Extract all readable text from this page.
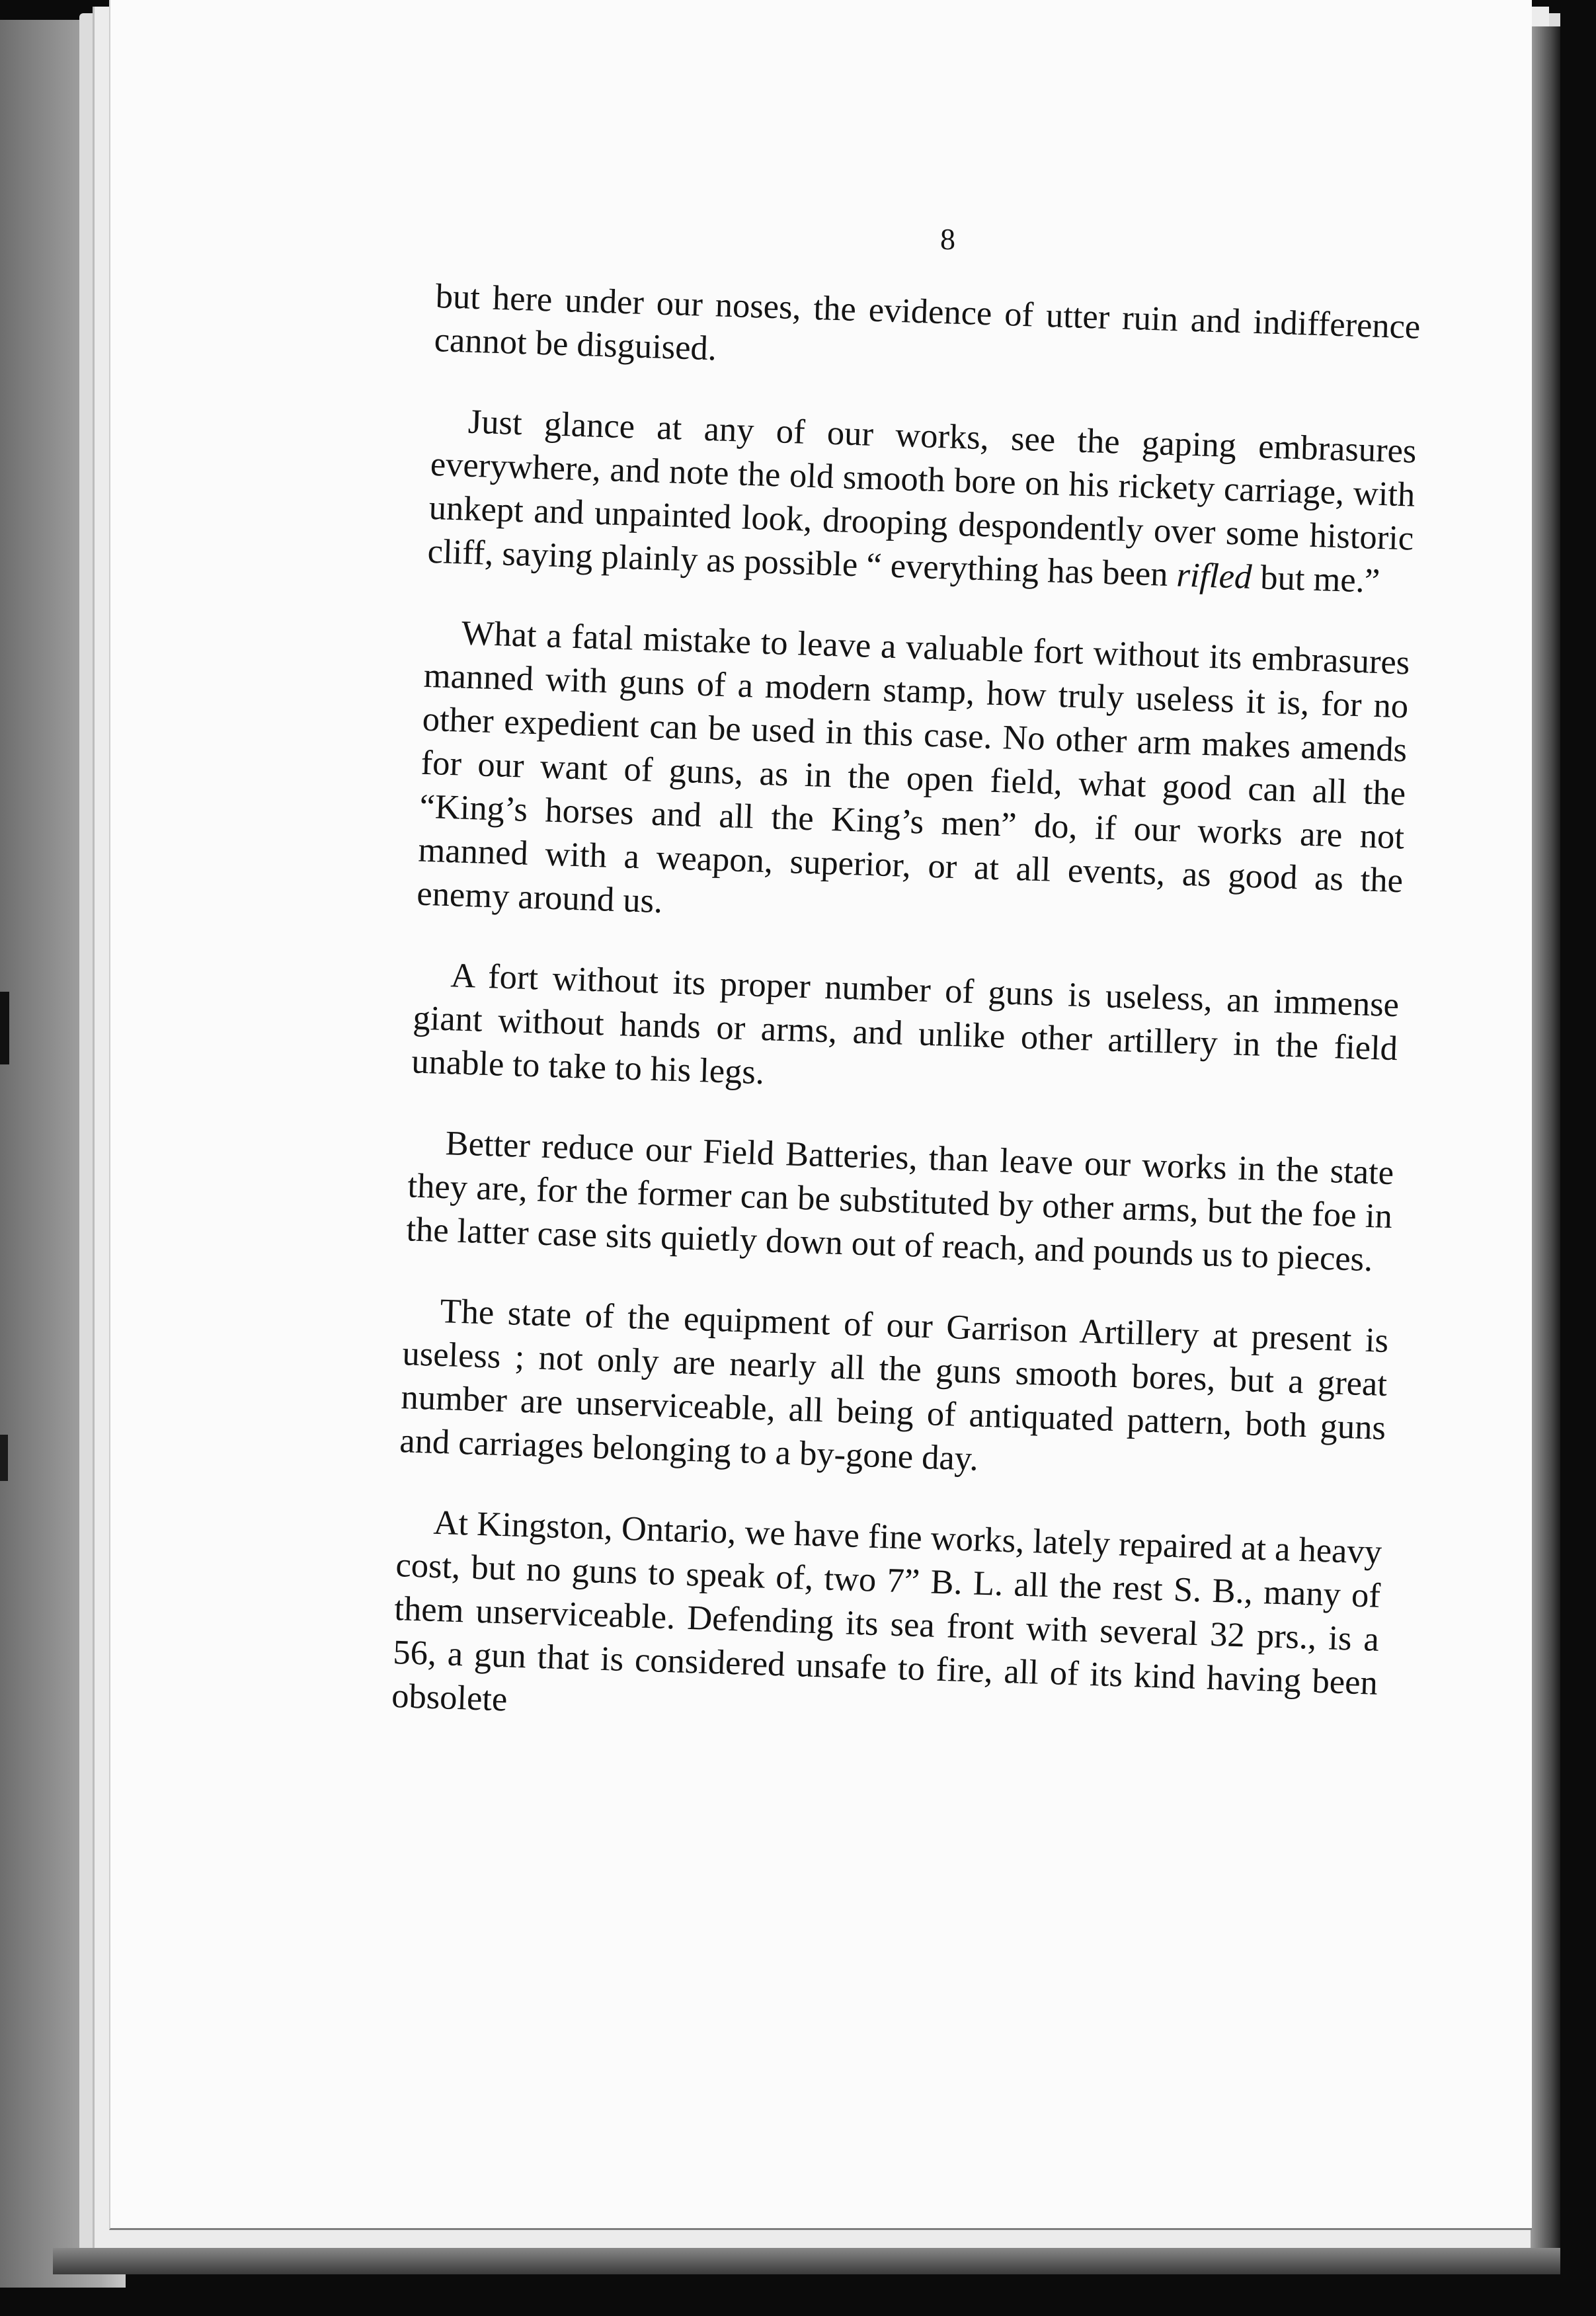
8

but here under our noses, the evidence of utter ruin and indifference cannot be disguised.

Just glance at any of our works, see the gaping embrasures everywhere, and note the old smooth bore on his rickety carriage, with unkept and unpainted look, drooping despondently over some historic cliff, saying plainly as possible “ everything has been rifled but me.”

What a fatal mistake to leave a valuable fort without its embrasures manned with guns of a modern stamp, how truly useless it is, for no other expedient can be used in this case. No other arm makes amends for our want of guns, as in the open field, what good can all the “King’s horses and all the King’s men” do, if our works are not manned with a weapon, superior, or at all events, as good as the enemy around us.

A fort without its proper number of guns is useless, an immense giant without hands or arms, and unlike other artillery in the field unable to take to his legs.

Better reduce our Field Batteries, than leave our works in the state they are, for the former can be substituted by other arms, but the foe in the latter case sits quietly down out of reach, and pounds us to pieces.

The state of the equipment of our Garrison Artillery at present is useless ; not only are nearly all the guns smooth bores, but a great number are unserviceable, all being of antiquated pattern, both guns and carriages belonging to a by-gone day.

At Kingston, Ontario, we have fine works, lately repaired at a heavy cost, but no guns to speak of, two 7” B. L. all the rest S. B., many of them unserviceable. Defending its sea front with several 32 prs., is a 56, a gun that is considered unsafe to fire, all of its kind having been obsolete
